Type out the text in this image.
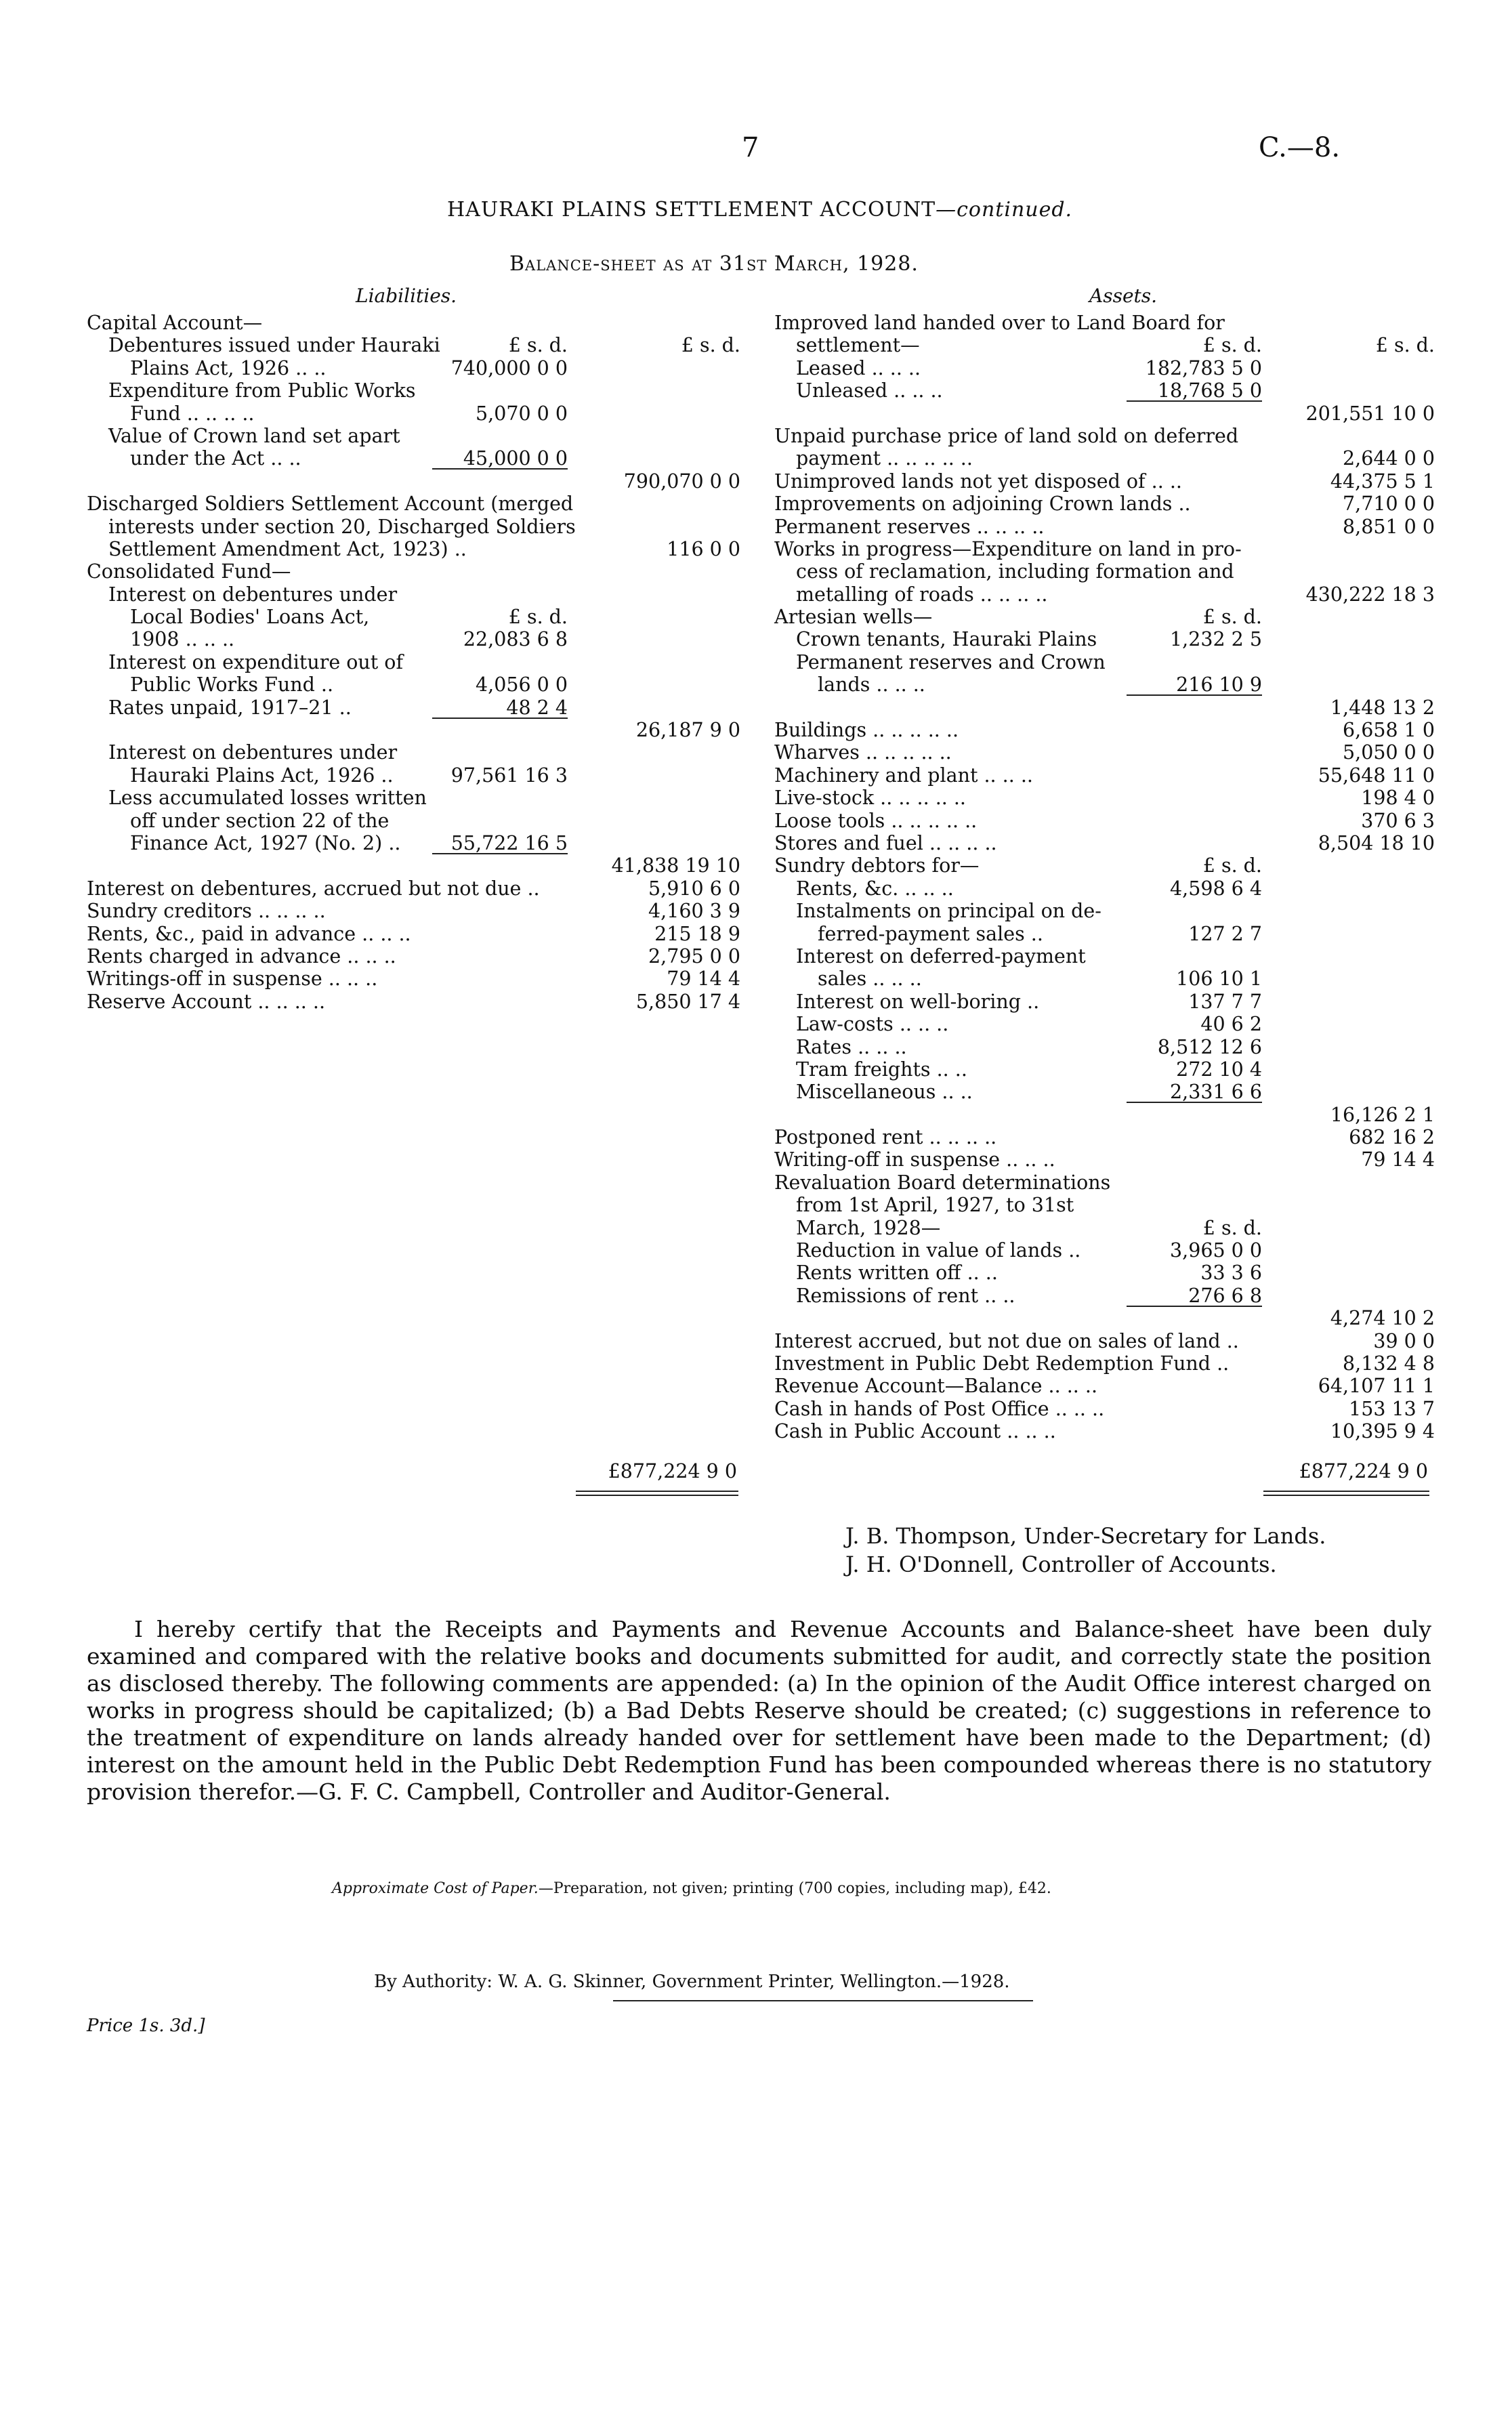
7	C.—8.
HAURAKI PLAINS SETTLEMENT ACCOUNT—continued.
Balance-sheet as at 31st March, 1928.
Liabilities.	Assets.
Capital Account—
Debentures issued under Hauraki	£ s. d.	£ s. d.
Plains Act, 1926 .. ..	740,000 0 0
Expenditure from Public Works
Fund .. .. .. ..	5,070 0 0
Value of Crown land set apart
under the Act .. ..	45,000 0 0
790,070 0 0
Discharged Soldiers Settlement Account (merged
interests under section 20, Discharged Soldiers
Settlement Amendment Act, 1923) ..	116 0 0
Consolidated Fund—
Interest on debentures under
Local Bodies' Loans Act,	£ s. d.
1908 .. .. ..	22,083 6 8
Interest on expenditure out of
Public Works Fund ..	4,056 0 0
Rates unpaid, 1917–21 ..	48 2 4
26,187 9 0
Interest on debentures under
Hauraki Plains Act, 1926 ..	97,561 16 3
Less accumulated losses written
off under section 22 of the
Finance Act, 1927 (No. 2) ..	55,722 16 5
41,838 19 10
Interest on debentures, accrued but not due ..	5,910 6 0
Sundry creditors .. .. .. ..	4,160 3 9
Rents, &c., paid in advance .. .. ..	215 18 9
Rents charged in advance .. .. ..	2,795 0 0
Writings-off in suspense .. .. ..	79 14 4
Reserve Account .. .. .. ..	5,850 17 4
Improved land handed over to Land Board for
settlement—	£ s. d.	£ s. d.
Leased .. .. ..	182,783 5 0
Unleased .. .. ..	18,768 5 0
201,551 10 0
Unpaid purchase price of land sold on deferred
payment .. .. .. .. ..	2,644 0 0
Unimproved lands not yet disposed of .. ..	44,375 5 1
Improvements on adjoining Crown lands ..	7,710 0 0
Permanent reserves .. .. .. ..	8,851 0 0
Works in progress—Expenditure on land in pro-
cess of reclamation, including formation and
metalling of roads .. .. .. ..	430,222 18 3
Artesian wells—	£ s. d.
Crown tenants, Hauraki Plains	1,232 2 5
Permanent reserves and Crown
lands .. .. ..	216 10 9
1,448 13 2
Buildings .. .. .. .. ..	6,658 1 0
Wharves .. .. .. .. ..	5,050 0 0
Machinery and plant .. .. ..	55,648 11 0
Live-stock .. .. .. .. ..	198 4 0
Loose tools .. .. .. .. ..	370 6 3
Stores and fuel .. .. .. ..	8,504 18 10
Sundry debtors for—	£ s. d.
Rents, &c. .. .. ..	4,598 6 4
Instalments on principal on de-
ferred-payment sales ..	127 2 7
Interest on deferred-payment
sales .. .. ..	106 10 1
Interest on well-boring ..	137 7 7
Law-costs .. .. ..	40 6 2
Rates .. .. ..	8,512 12 6
Tram freights .. ..	272 10 4
Miscellaneous .. ..	2,331 6 6
16,126 2 1
Postponed rent .. .. .. ..	682 16 2
Writing-off in suspense .. .. ..	79 14 4
Revaluation Board determinations
from 1st April, 1927, to 31st
March, 1928—	£ s. d.
Reduction in value of lands ..	3,965 0 0
Rents written off .. ..	33 3 6
Remissions of rent .. ..	276 6 8
4,274 10 2
Interest accrued, but not due on sales of land ..	39 0 0
Investment in Public Debt Redemption Fund ..	8,132 4 8
Revenue Account—Balance .. .. ..	64,107 11 1
Cash in hands of Post Office .. .. ..	153 13 7
Cash in Public Account .. .. ..	10,395 9 4
£877,224 9 0	£877,224 9 0
J. B. Thompson, Under-Secretary for Lands.
J. H. O'Donnell, Controller of Accounts.
I hereby certify that the Receipts and Payments and Revenue Accounts and Balance-sheet have been duly examined and compared with the relative books and documents submitted for audit, and correctly state the position as disclosed thereby. The following comments are appended: (a) In the opinion of the Audit Office interest charged on works in progress should be capitalized; (b) a Bad Debts Reserve should be created; (c) suggestions in reference to the treatment of expenditure on lands already handed over for settlement have been made to the Department; (d) interest on the amount held in the Public Debt Redemption Fund has been compounded whereas there is no statutory provision therefor.—G. F. C. Campbell, Controller and Auditor-General.
Approximate Cost of Paper.—Preparation, not given; printing (700 copies, including map), £42.
By Authority: W. A. G. Skinner, Government Printer, Wellington.—1928.
Price 1s. 3d.]
